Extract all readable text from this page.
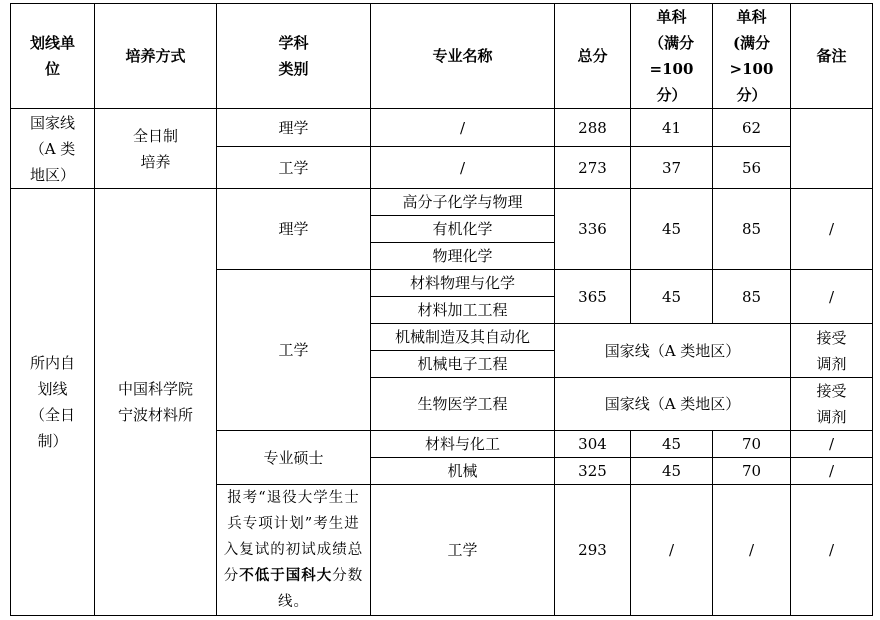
划线单
位	培养方式	学科
类别	专业名称	总分	单科
（满分
=100
分）	单科
(满分
>100
分）	备注

国家线
（A 类
地区）	全日制
培养	理学	/	288	41	62	
		工学	/	273	37	56	

所内自
划线
（全日
制）	中国科学院
宁波材料所	理学	高分子化学与物理	336	45	85	/
			有机化学				
			物理化学				
		工学	材料物理与化学	365	45	85	/
			材料加工工程				
			机械制造及其自动化	国家线（A 类地区）			接受
调剂

			机械电子工程				
			生物医学工程	国家线（A 类地区）			接受
调剂

		专业硕士	材料与化工	304	45	70	/
			机械	325	45	70	/
		报考“退役大学生士兵专项计划”考生进入复试的初试成绩总分不低于国科大分数线。	工学	293	/	/	/
